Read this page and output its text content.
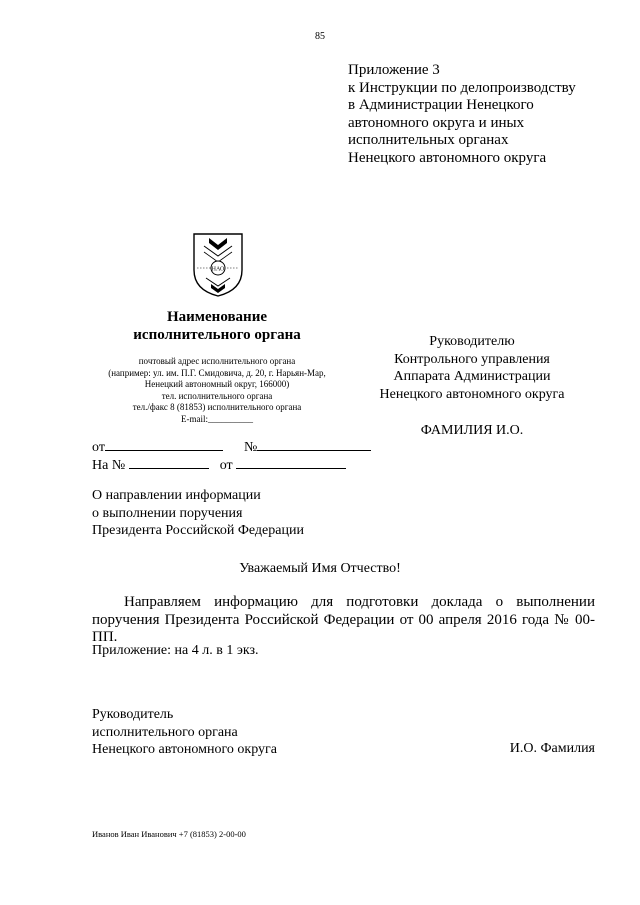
85
Приложение 3
к Инструкции по делопроизводству
в Администрации Ненецкого
автономного округа и иных
исполнительных органах
Ненецкого автономного округа
НАО
Наименование
исполнительного органа
почтовый адрес исполнительного органа
(например: ул. им. П.Г. Смидовича, д. 20, г. Нарьян-Мар,
Ненецкий автономный округ, 166000)
тел. исполнительного органа
тел./факс 8 (81853) исполнительного органа
E-mail:__________
Руководителю
Контрольного управления
Аппарата Администрации
Ненецкого автономного округа
ФАМИЛИЯ И.О.
от	№
На №	от
О направлении информации
о выполнении поручения
Президента Российской Федерации
Уважаемый Имя Отчество!
Направляем информацию для подготовки доклада о выполнении поручения Президента Российской Федерации от 00 апреля 2016 года № 00-ПП.
Приложение: на 4 л. в 1 экз.
Руководитель
исполнительного органа
Ненецкого автономного округа	И.О. Фамилия
Иванов Иван Иванович +7 (81853) 2-00-00
